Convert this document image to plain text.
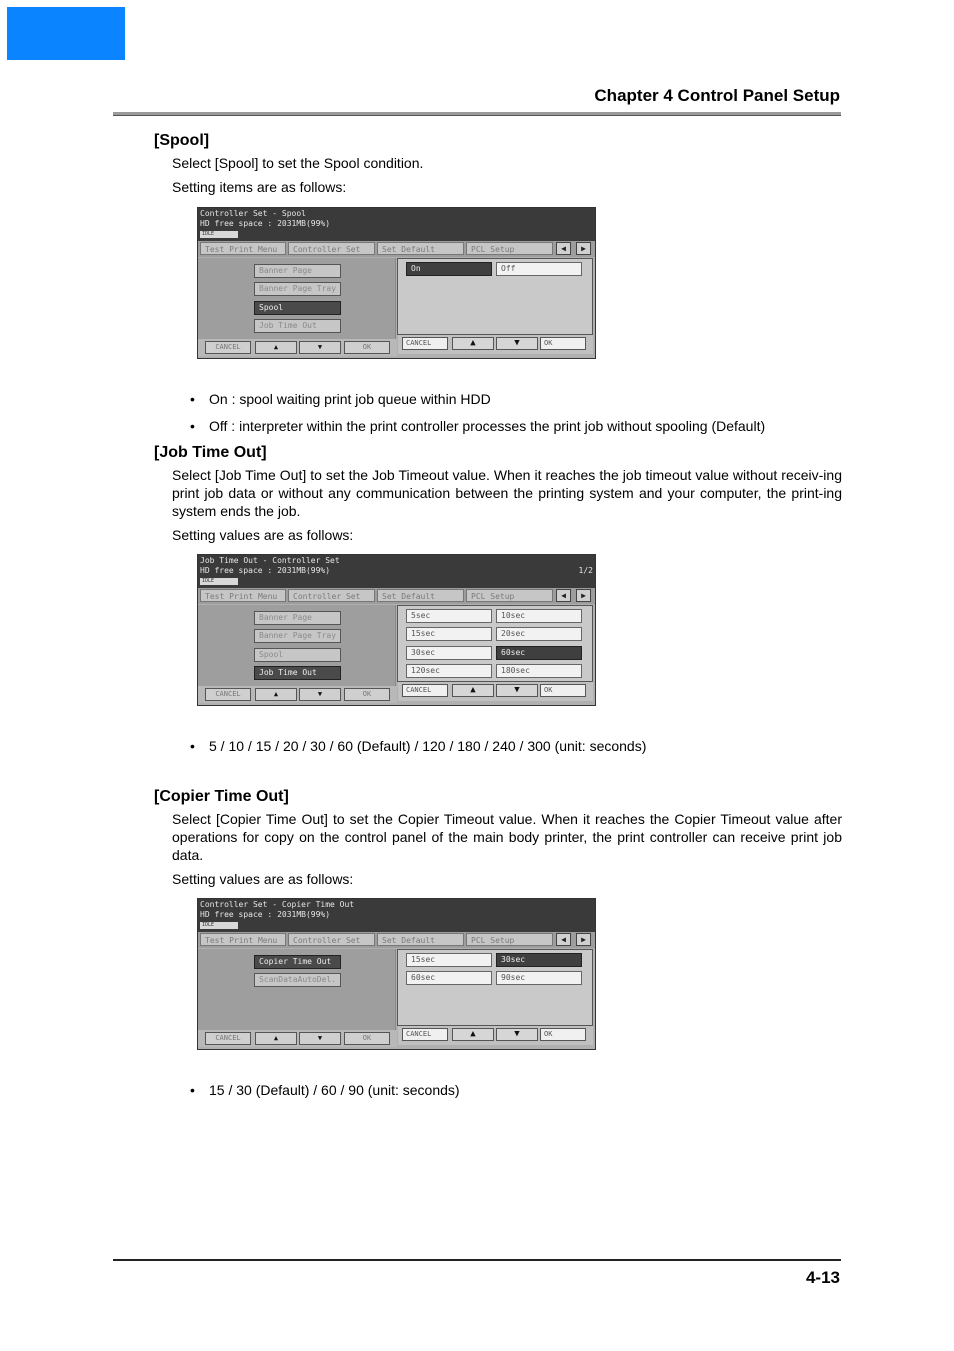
Chapter 4 Control Panel Setup
[Spool]

Select [Spool] to set the Spool condition.

Setting items are as follows:

Controller Set - Spool
HD free space : 2031MB(99%)
IDLE
Test Print Menu	Controller Set	Set Default	PCL Setup	◀	▶
Banner Page
Banner Page Tray
Spool
Job Time Out
On	Off
CANCEL	▲	▼	OK
CANCEL	▲	▼	OK
• On : spool waiting print job queue within HDD
• Off : interpreter within the print controller processes the print job without spooling (Default)
[Job Time Out]

Select [Job Time Out] to set the Job Timeout value. When it reaches the job timeout value without receiv-ing print job data or without any communication between the printing system and your computer, the print-ing system ends the job.

Setting values are as follows:

Job Time Out - Controller Set
HD free space : 2031MB(99%)	1/2
IDLE
Test Print Menu	Controller Set	Set Default	PCL Setup	◀	▶
Banner Page
Banner Page Tray
Spool
Job Time Out
5sec	10sec
15sec	20sec
30sec	60sec
120sec	180sec
CANCEL	▲	▼	OK
CANCEL	▲	▼	OK
• 5 / 10 / 15 / 20 / 30 / 60 (Default) / 120 / 180 / 240 / 300 (unit: seconds)
[Copier Time Out]

Select [Copier Time Out] to set the Copier Timeout value. When it reaches the Copier Timeout value after operations for copy on the control panel of the main body printer, the print controller can receive print job data.

Setting values are as follows:

Controller Set - Copier Time Out
HD free space : 2031MB(99%)
IDLE
Test Print Menu	Controller Set	Set Default	PCL Setup	◀	▶
Copier Time Out
ScanDataAutoDel.
15sec	30sec
60sec	90sec
CANCEL	▲	▼	OK
CANCEL	▲	▼	OK
• 15 / 30 (Default) / 60 / 90 (unit: seconds)
4-13
